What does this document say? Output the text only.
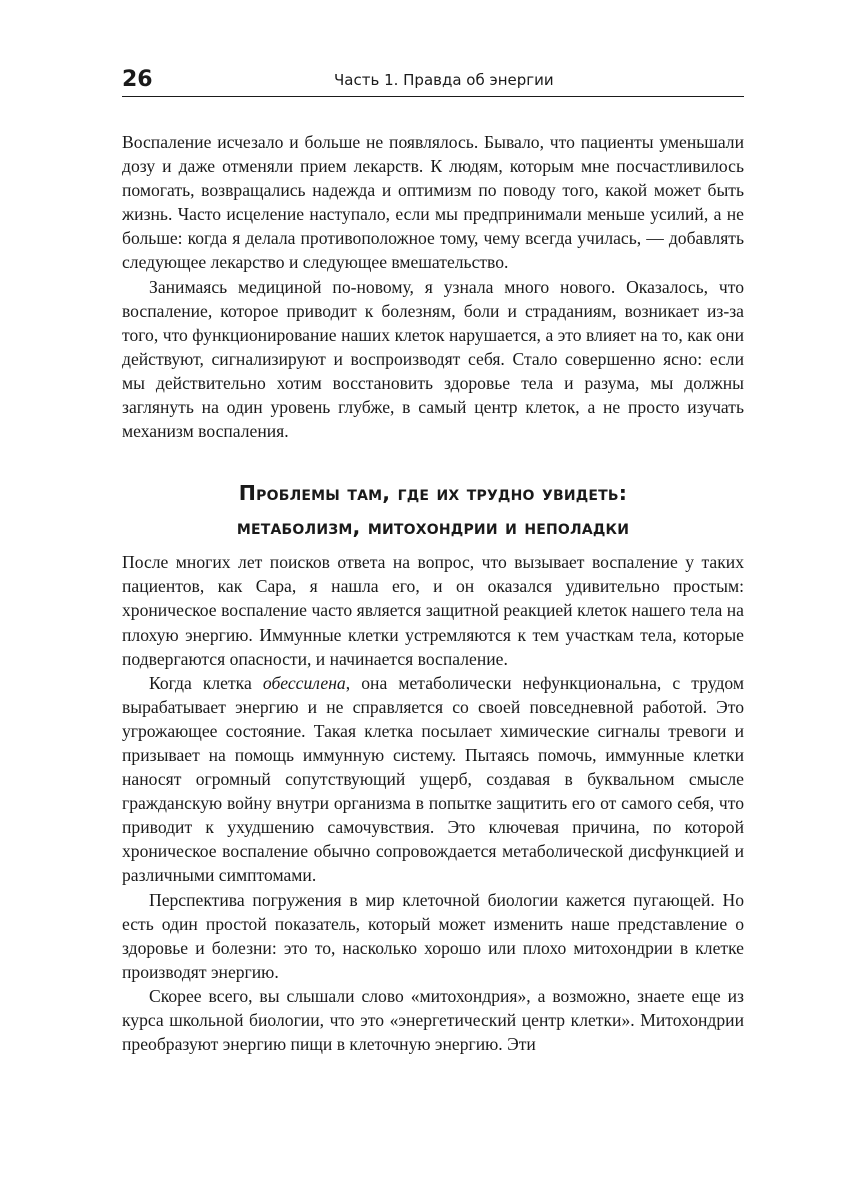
26	Часть 1. Правда об энергии

Воспаление исчезало и больше не появлялось. Бывало, что пациенты уменьшали дозу и даже отменяли прием лекарств. К людям, которым мне посчастливилось помогать, возвращались надежда и оптимизм по поводу того, какой может быть жизнь. Часто исцеление наступало, если мы предпринимали меньше усилий, а не больше: когда я делала противоположное тому, чему всегда училась, — добавлять следующее лекарство и следующее вмешательство.

Занимаясь медициной по-новому, я узнала много нового. Оказалось, что воспаление, которое приводит к болезням, боли и страданиям, возникает из-за того, что функционирование наших клеток нарушается, а это влияет на то, как они действуют, сигнализируют и воспроизводят себя. Стало совершенно ясно: если мы действительно хотим восстановить здоровье тела и разума, мы должны заглянуть на один уровень глубже, в самый центр клеток, а не просто изучать механизм воспаления.

Проблемы там, где их трудно увидеть:
метаболизм, митохондрии и неполадки

После многих лет поисков ответа на вопрос, что вызывает воспаление у таких пациентов, как Сара, я нашла его, и он оказался удивительно простым: хроническое воспаление часто является защитной реакцией клеток нашего тела на плохую энергию. Иммунные клетки устремляются к тем участкам тела, которые подвергаются опасности, и начинается воспаление.

Когда клетка обессилена, она метаболически нефункциональна, с трудом вырабатывает энергию и не справляется со своей повседневной работой. Это угрожающее состояние. Такая клетка посылает химические сигналы тревоги и призывает на помощь иммунную систему. Пытаясь помочь, иммунные клетки наносят огромный сопутствующий ущерб, создавая в буквальном смысле гражданскую войну внутри организма в попытке защитить его от самого себя, что приводит к ухудшению самочувствия. Это ключевая причина, по которой хроническое воспаление обычно сопровождается метаболической дисфункцией и различными симптомами.

Перспектива погружения в мир клеточной биологии кажется пугающей. Но есть один простой показатель, который может изменить наше представление о здоровье и болезни: это то, насколько хорошо или плохо митохондрии в клетке производят энергию.

Скорее всего, вы слышали слово «митохондрия», а возможно, знаете еще из курса школьной биологии, что это «энергетический центр клетки». Митохондрии преобразуют энергию пищи в клеточную энергию. Эти
